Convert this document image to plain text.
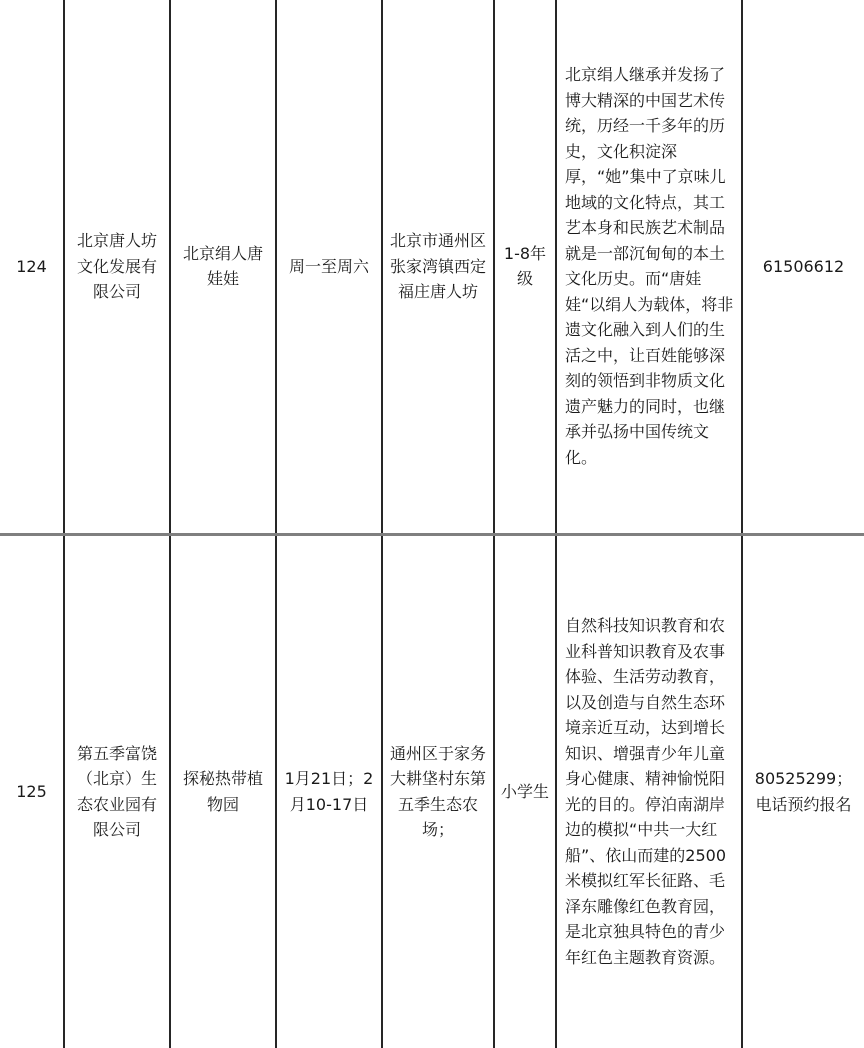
124	北京唐人坊文化发展有限公司	北京绢人唐娃娃	周一至周六	北京市通州区张家湾镇西定福庄唐人坊	1-8年级	北京绢人继承并发扬了博大精深的中国艺术传统，历经一千多年的历史，文化积淀深厚，“她”集中了京味儿地域的文化特点，其工艺本身和民族艺术制品就是一部沉甸甸的本土文化历史。而“唐娃娃“以绢人为载体，将非遗文化融入到人们的生活之中，让百姓能够深刻的领悟到非物质文化遗产魅力的同时，也继承并弘扬中国传统文化。	61506612
125	第五季富饶（北京）生态农业园有限公司	探秘热带植物园	1月21日；2月10-17日	通州区于家务大耕垡村东第五季生态农场；	小学生	自然科技知识教育和农业科普知识教育及农事体验、生活劳动教育，以及创造与自然生态环境亲近互动，达到增长知识、增强青少年儿童身心健康、精神愉悦阳光的目的。停泊南湖岸边的模拟“中共一大红船”、依山而建的2500米模拟红军长征路、毛泽东雕像红色教育园，是北京独具特色的青少年红色主题教育资源。	80525299；电话预约报名
